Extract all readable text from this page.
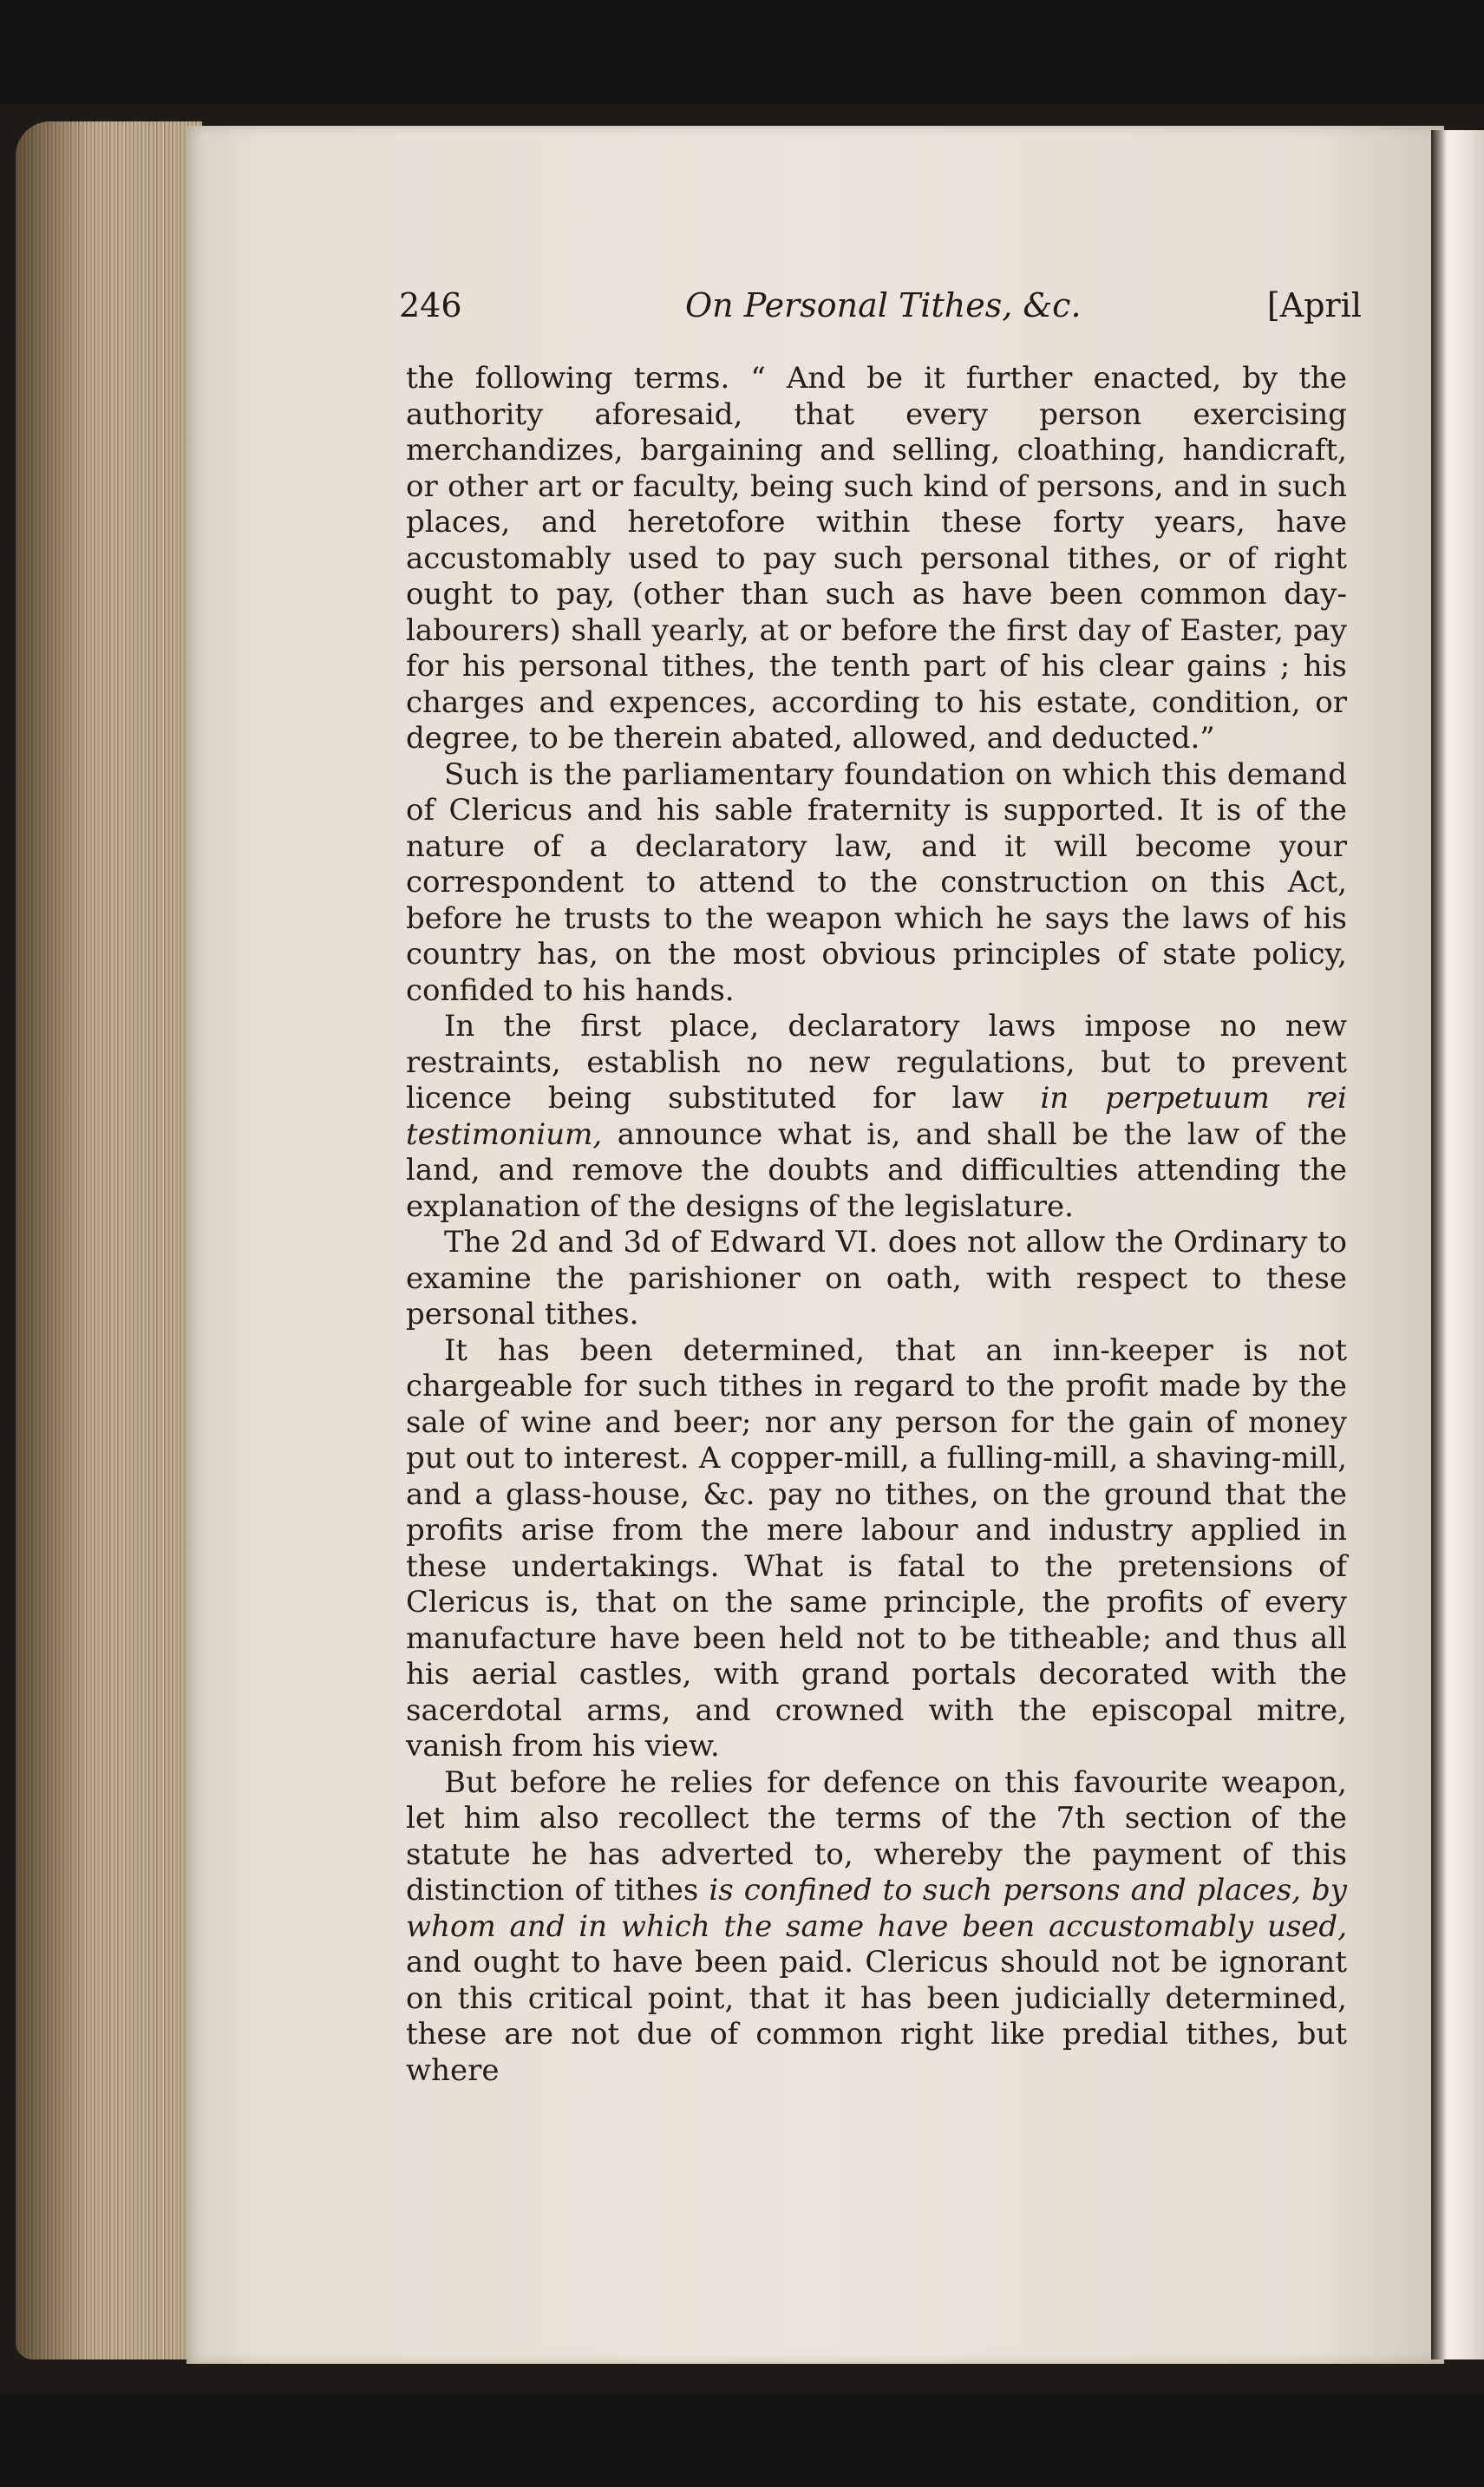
246	On Personal Tithes, &c.	[April

the following terms. “ And be it further enacted, by the authority aforesaid, that every person exercising merchandizes, bargaining and selling, cloathing, handicraft, or other art or faculty, being such kind of persons, and in such places, and heretofore within these forty years, have accustomably used to pay such personal tithes, or of right ought to pay, (other than such as have been common day-labourers) shall yearly, at or before the first day of Easter, pay for his personal tithes, the tenth part of his clear gains ; his charges and expences, according to his estate, condition, or degree, to be therein abated, allowed, and deducted.”

Such is the parliamentary foundation on which this demand of Clericus and his sable fraternity is supported. It is of the nature of a declaratory law, and it will become your correspondent to attend to the construction on this Act, before he trusts to the weapon which he says the laws of his country has, on the most obvious principles of state policy, confided to his hands.

In the first place, declaratory laws impose no new restraints, establish no new regulations, but to prevent licence being substituted for law in perpetuum rei testimonium, announce what is, and shall be the law of the land, and remove the doubts and difficulties attending the explanation of the designs of the legislature.

The 2d and 3d of Edward VI. does not allow the Ordinary to examine the parishioner on oath, with respect to these personal tithes.

It has been determined, that an inn-keeper is not chargeable for such tithes in regard to the profit made by the sale of wine and beer; nor any person for the gain of money put out to interest. A copper-mill, a fulling-mill, a shaving-mill, and a glass-house, &c. pay no tithes, on the ground that the profits arise from the mere labour and industry applied in these undertakings. What is fatal to the pretensions of Clericus is, that on the same principle, the profits of every manufacture have been held not to be titheable; and thus all his aerial castles, with grand portals decorated with the sacerdotal arms, and crowned with the episcopal mitre, vanish from his view.

But before he relies for defence on this favourite weapon, let him also recollect the terms of the 7th section of the statute he has adverted to, whereby the payment of this distinction of tithes is confined to such persons and places, by whom and in which the same have been accustomably used, and ought to have been paid. Clericus should not be ignorant on this critical point, that it has been judicially determined, these are not due of common right like predial tithes, but where
